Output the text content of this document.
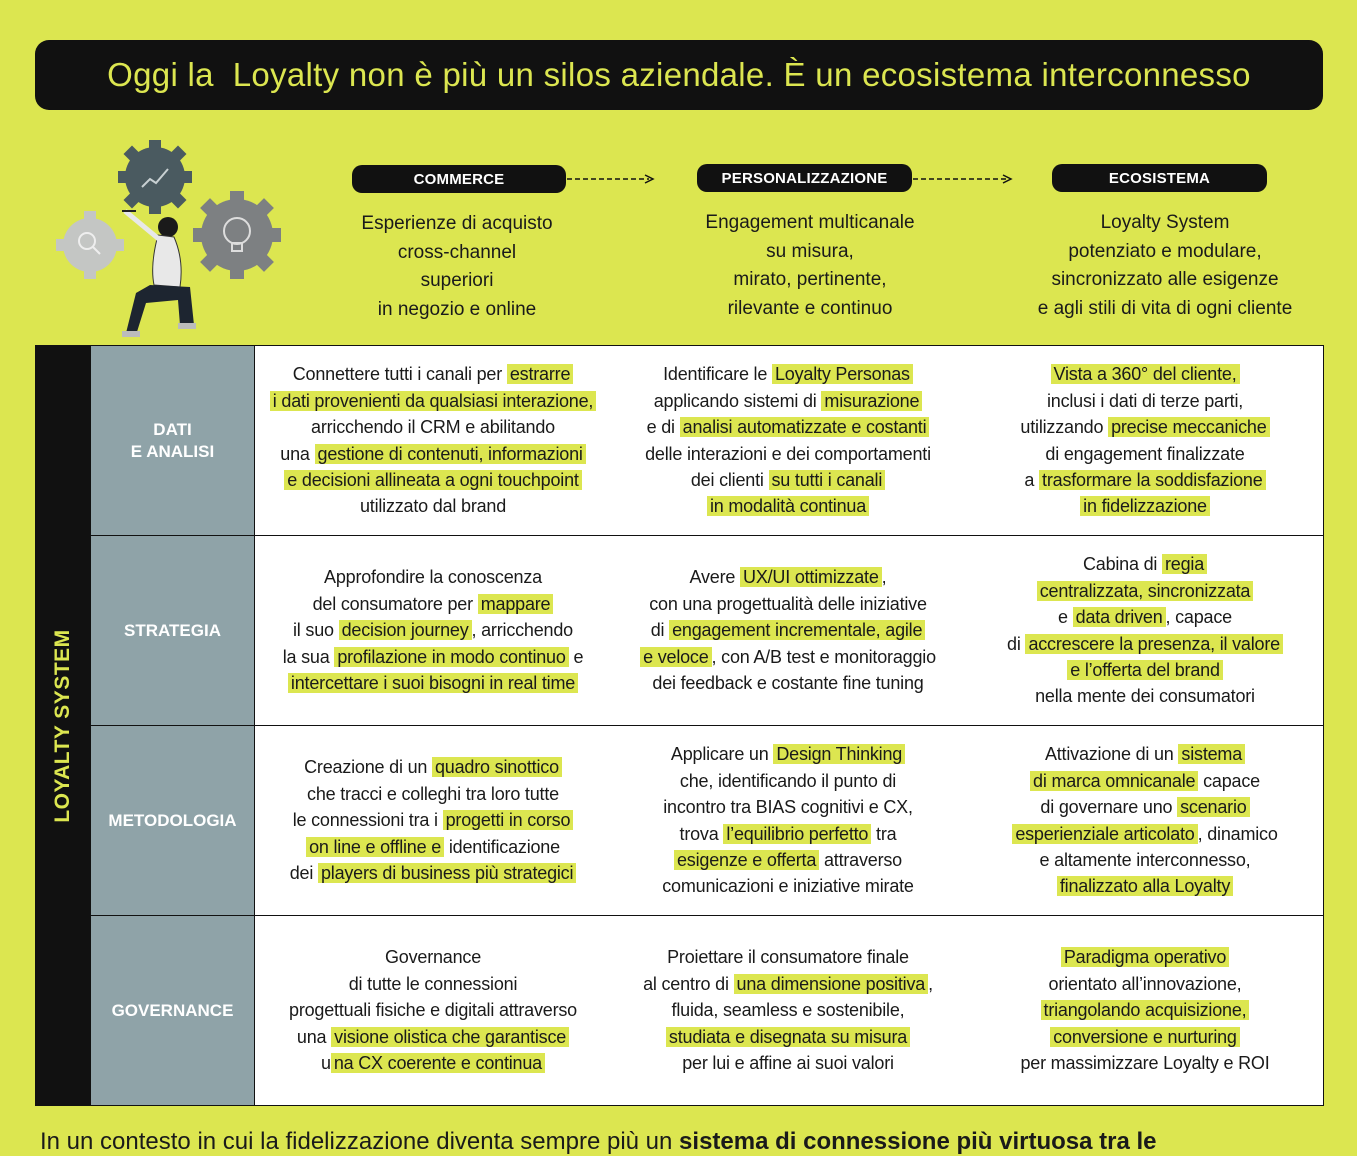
Oggi la  Loyalty non è più un silos aziendale. È un ecosistema interconnesso
COMMERCE	PERSONALIZZAZIONE	ECOSISTEMA
Esperienze di acquisto
cross-channel
superiori
in negozio e online
Engagement multicanale
su misura,
mirato, pertinente,
rilevante e continuo
Loyalty System
potenziato e modulare,
sincronizzato alle esigenze
e agli stili di vita di ogni cliente
LOYALTY SYSTEM
DATI
E ANALISI
Connettere tutti i canali per estrarre
i dati provenienti da qualsiasi interazione,
arricchendo il CRM e abilitando
una gestione di contenuti, informazioni
e decisioni allineata a ogni touchpoint
utilizzato dal brand
Identificare le Loyalty Personas
applicando sistemi di misurazione
e di analisi automatizzate e costanti
delle interazioni e dei comportamenti
dei clienti su tutti i canali
in modalità continua
Vista a 360° del cliente,
inclusi i dati di terze parti,
utilizzando precise meccaniche
di engagement finalizzate
a trasformare la soddisfazione
in fidelizzazione
STRATEGIA
Approfondire la conoscenza
del consumatore per mappare
il suo decision journey , arricchendo
la sua profilazione in modo continuo e
intercettare i suoi bisogni in real time
Avere UX/UI ottimizzate ,
con una progettualità delle iniziative
di engagement incrementale, agile
e veloce , con A/B test e monitoraggio
dei feedback e costante fine tuning
Cabina di regia
centralizzata, sincronizzata
e data driven , capace
di accrescere la presenza, il valore
e l’offerta del brand
nella mente dei consumatori
METODOLOGIA
Creazione di un quadro sinottico
che tracci e colleghi tra loro tutte
le connessioni tra i progetti in corso
on line e offline e identificazione
dei players di business più strategici
Applicare un Design Thinking
che, identificando il punto di
incontro tra BIAS cognitivi e CX,
trova l’equilibrio perfetto tra
esigenze e offerta attraverso
comunicazioni e iniziative mirate
Attivazione di un sistema
di marca omnicanale capace
di governare uno scenario
esperienziale articolato , dinamico
e altamente interconnesso,
finalizzato alla Loyalty
GOVERNANCE
Governance
di tutte le connessioni
progettuali fisiche e digitali attraverso
una visione olistica che garantisce
u na CX coerente e continua
Proiettare il consumatore finale
al centro di una dimensione positiva ,
fluida, seamless e sostenibile,
studiata e disegnata su misura
per lui e affine ai suoi valori
Paradigma operativo
orientato all’innovazione,
triangolando acquisizione,
conversione e nurturing
per massimizzare Loyalty e ROI
In un contesto in cui la fidelizzazione diventa sempre più un sistema di connessione più virtuosa tra le
